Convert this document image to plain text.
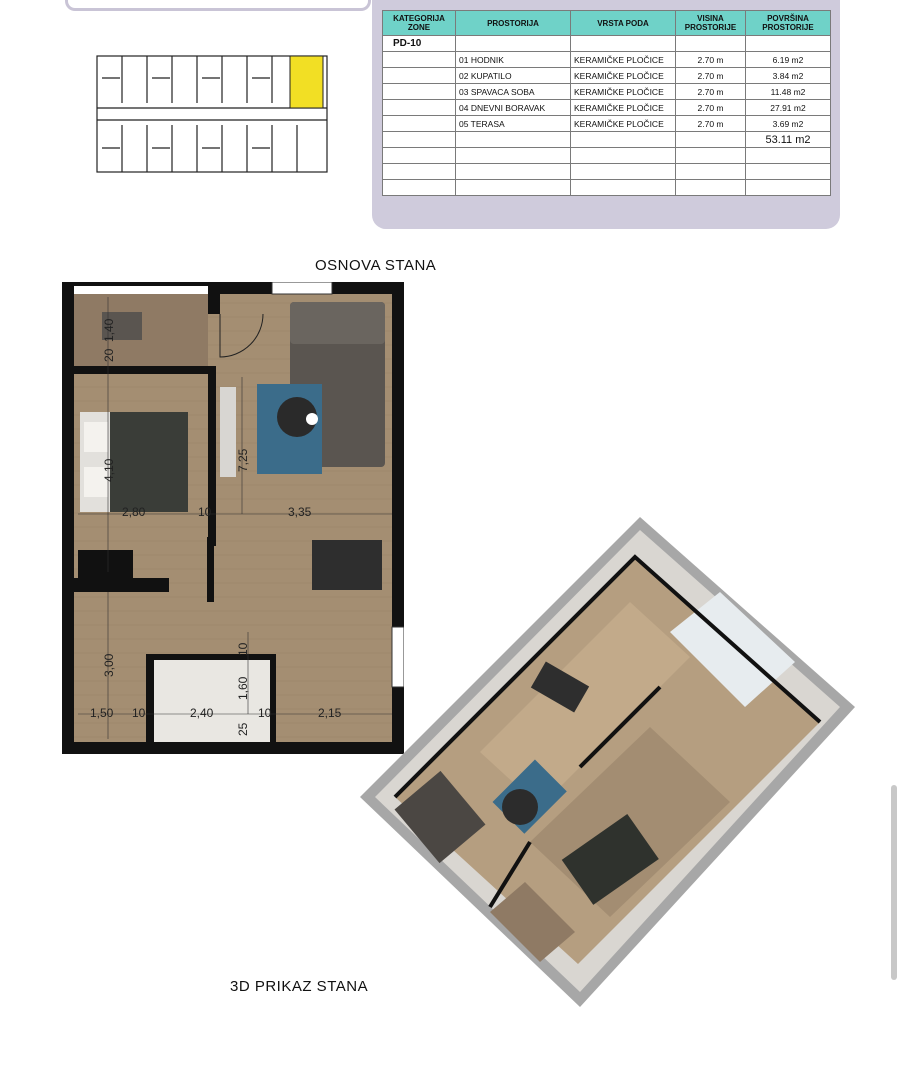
KATEGORIJA ZONE	PROSTORIJA	VRSTA PODA	VISINA PROSTORIJE	POVRŠINA PROSTORIJE
PD-10				
	01 HODNIK	KERAMIČKE PLOČICE	2.70 m	6.19 m2
	02 KUPATILO	KERAMIČKE PLOČICE	2.70 m	3.84 m2
	03 SPAVACA SOBA	KERAMIČKE PLOČICE	2.70 m	11.48 m2
	04 DNEVNI BORAVAK	KERAMIČKE PLOČICE	2.70 m	27.91 m2
	05 TERASA	KERAMIČKE PLOČICE	2.70 m	3.69 m2
				53.11 m2

OSNOVA STANA
1,40
20
4,10
2,80	10	3,35
7,25
3,00
1,50 10	2,40	10	2,15
1,60
25
10
3D PRIKAZ STANA
